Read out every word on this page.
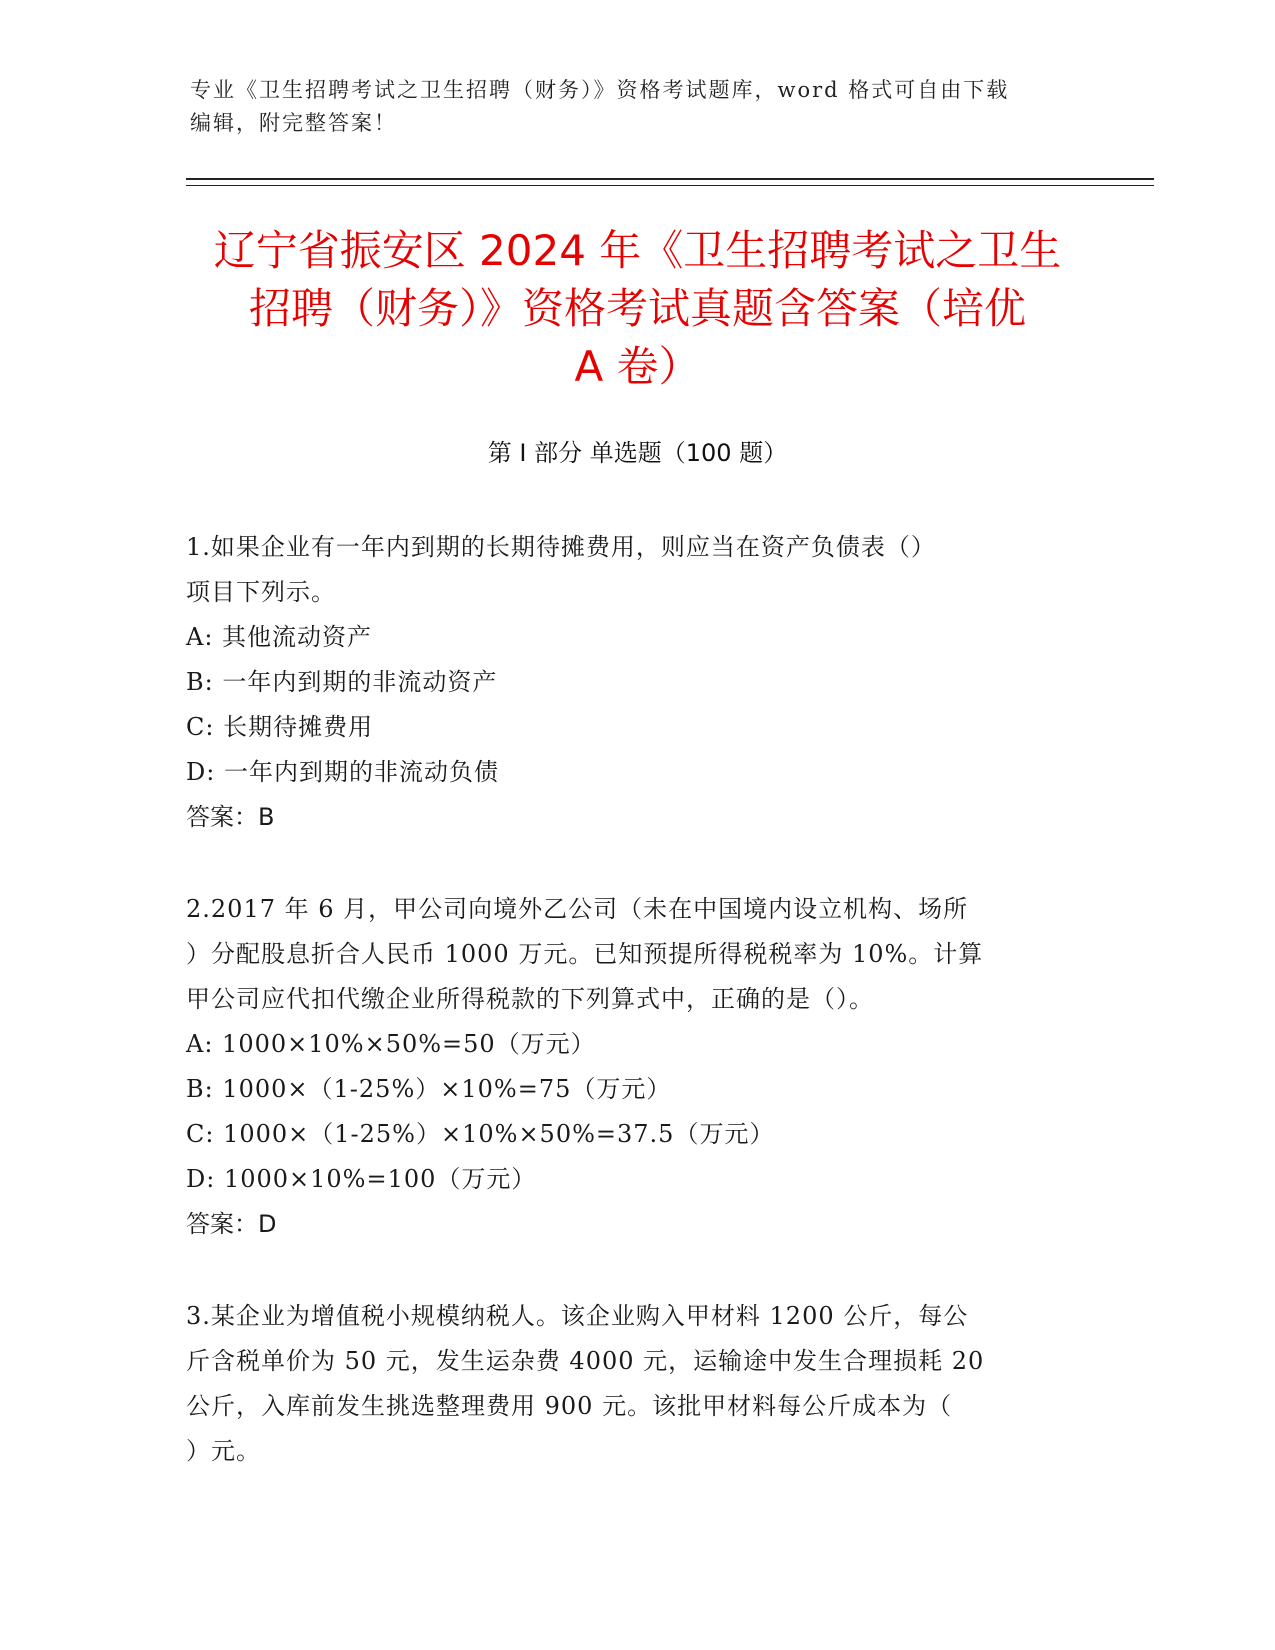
专业《卫生招聘考试之卫生招聘（财务）》资格考试题库，word 格式可自由下载
编辑，附完整答案！
辽宁省振安区 2024 年《卫生招聘考试之卫生
招聘（财务）》资格考试真题含答案（培优
A 卷）
第 I 部分 单选题（100 题）
1.如果企业有一年内到期的长期待摊费用，则应当在资产负债表（）
项目下列示。
A: 其他流动资产
B: 一年内到期的非流动资产
C: 长期待摊费用
D: 一年内到期的非流动负债
答案：B
2.2017 年 6 月，甲公司向境外乙公司（未在中国境内设立机构、场所
）分配股息折合人民币 1000 万元。已知预提所得税税率为 10%。计算
甲公司应代扣代缴企业所得税款的下列算式中，正确的是（）。
A: 1000×10%×50%=50（万元）
B: 1000×（1-25%）×10%=75（万元）
C: 1000×（1-25%）×10%×50%=37.5（万元）
D: 1000×10%=100（万元）
答案：D
3.某企业为增值税小规模纳税人。该企业购入甲材料 1200 公斤，每公
斤含税单价为 50 元，发生运杂费 4000 元，运输途中发生合理损耗 20
公斤，入库前发生挑选整理费用 900 元。该批甲材料每公斤成本为（
）元。
